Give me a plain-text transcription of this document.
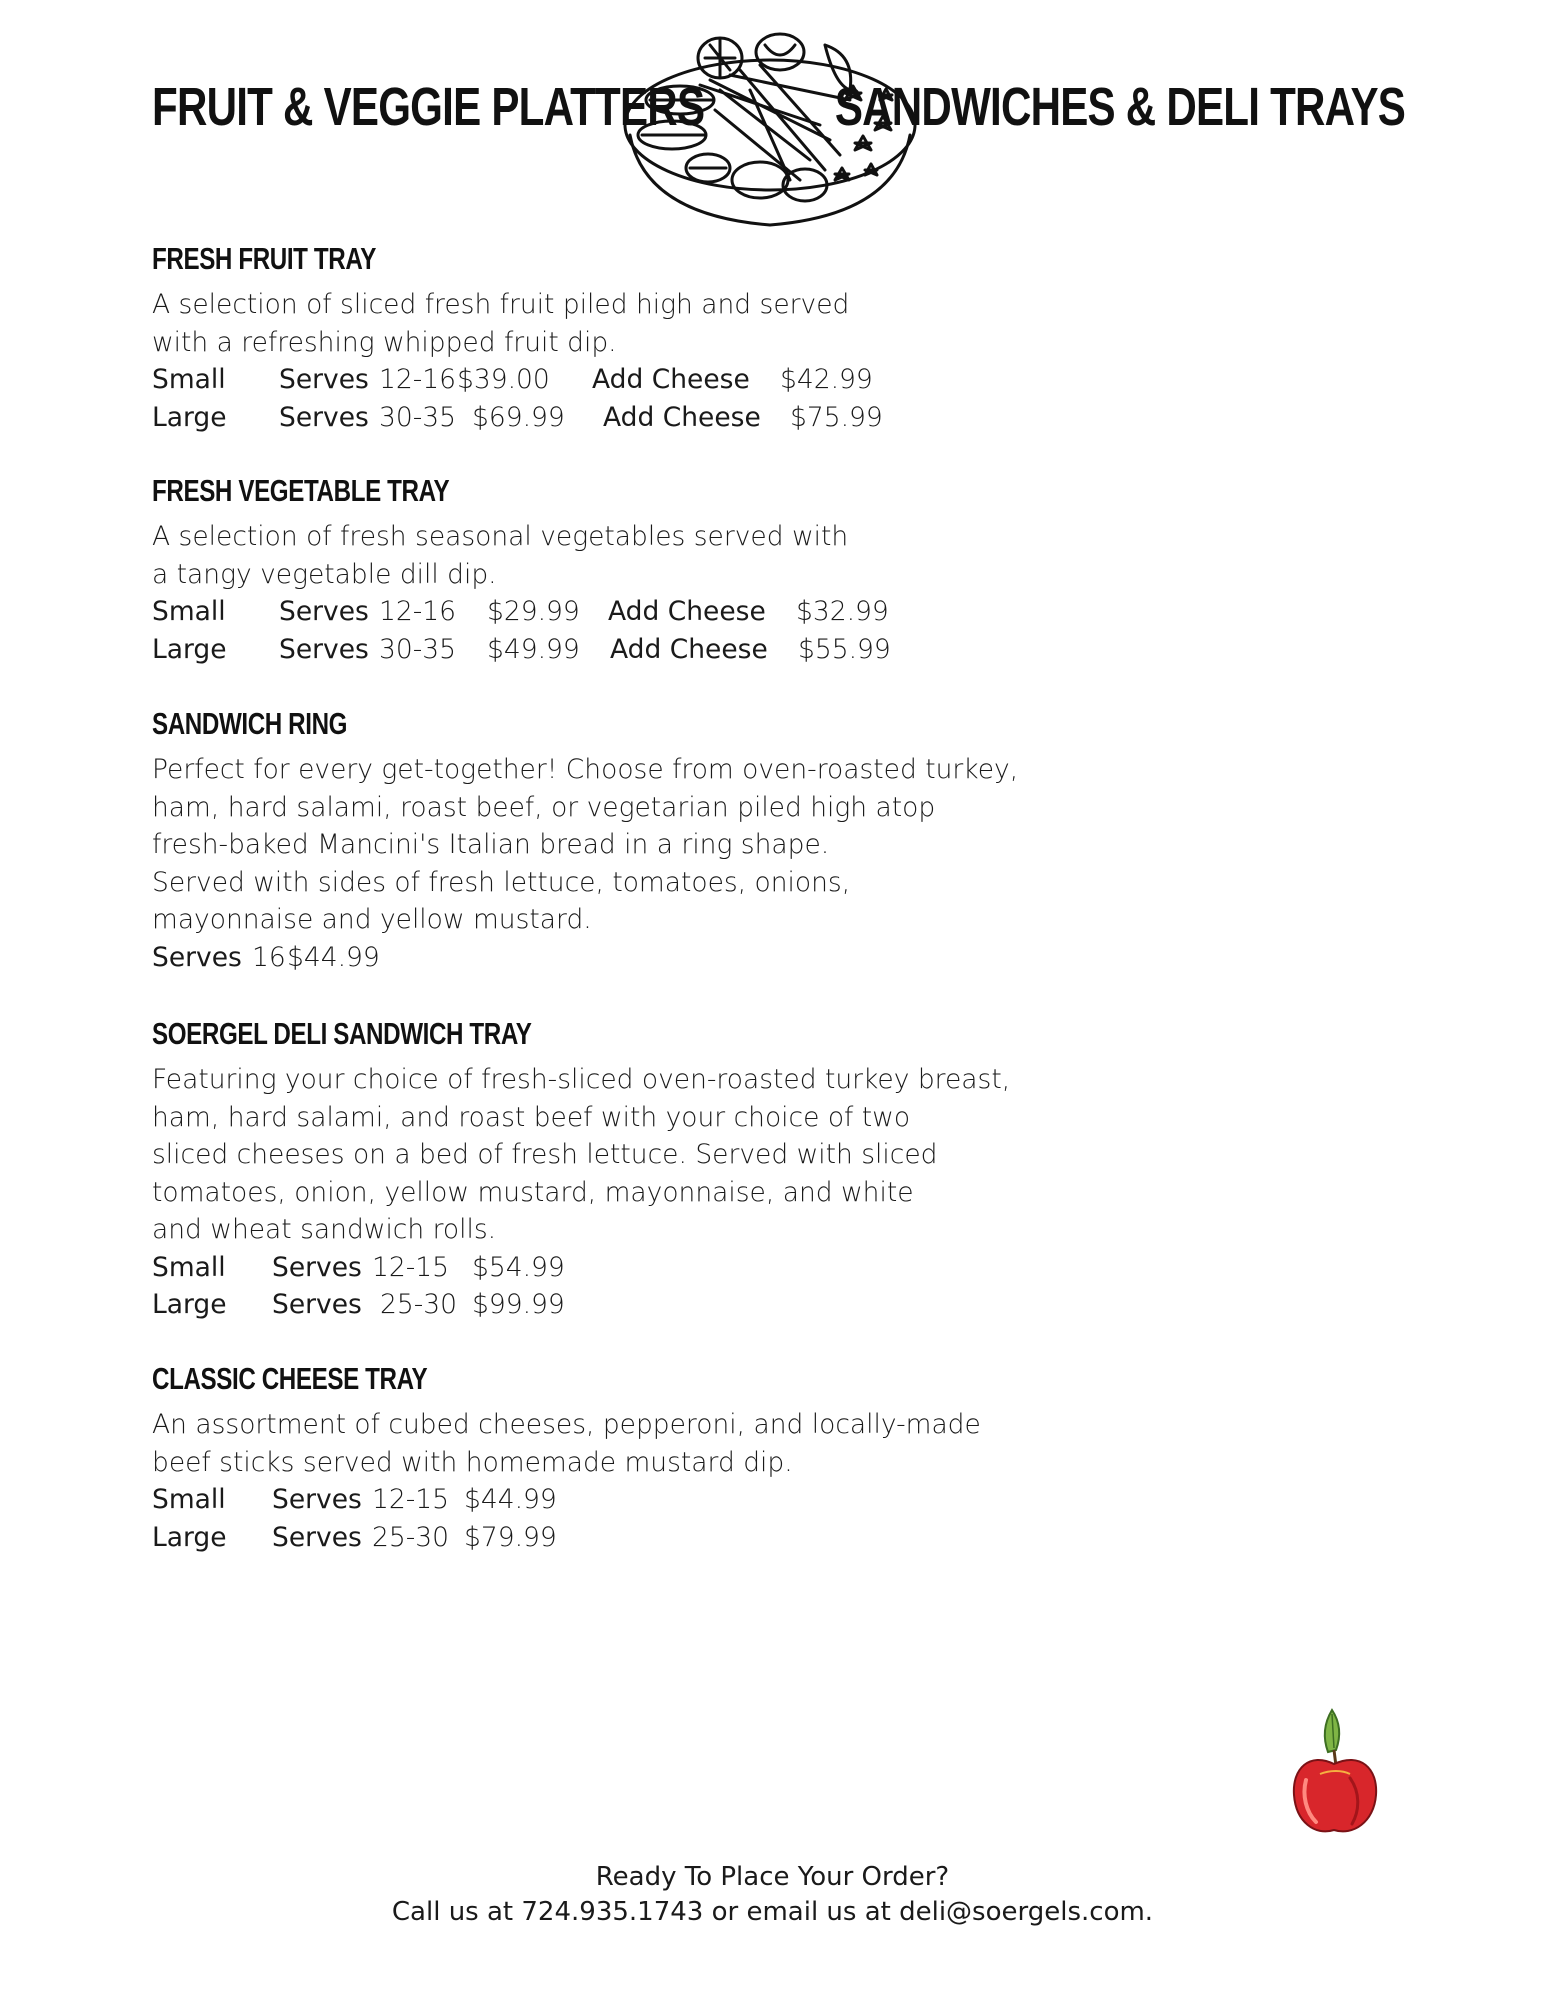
FRUIT & VEGGIE PLATTERS SANDWICHES & DELI TRAYS
FRESH FRUIT TRAY

A selection of sliced fresh fruit piled high and served

with a refreshing whipped fruit dip.

Small Serves 12-16 $39.00 Add Cheese $42.99
Large Serves 30-35 $69.99 Add Cheese $75.99
FRESH VEGETABLE TRAY

A selection of fresh seasonal vegetables served with

a tangy vegetable dill dip.

Small Serves 12-16 $29.99 Add Cheese $32.99
Large Serves 30-35 $49.99 Add Cheese $55.99
SANDWICH RING

Perfect for every get-together! Choose from oven-roasted turkey,

ham, hard salami, roast beef, or vegetarian piled high atop

fresh-baked Mancini's Italian bread in a ring shape.

Served with sides of fresh lettuce, tomatoes, onions,

mayonnaise and yellow mustard.

Serves 16 $44.99
SOERGEL DELI SANDWICH TRAY

Featuring your choice of fresh-sliced oven-roasted turkey breast,

ham, hard salami, and roast beef with your choice of two

sliced cheeses on a bed of fresh lettuce. Served with sliced

tomatoes, onion, yellow mustard, mayonnaise, and white

and wheat sandwich rolls.

Small Serves 12-15 $54.99
Large Serves 25-30 $99.99
CLASSIC CHEESE TRAY

An assortment of cubed cheeses, pepperoni, and locally-made

beef sticks served with homemade mustard dip.

Small Serves 12-15 $44.99
Large Serves 25-30 $79.99
Ready To Place Your Order?
Call us at 724.935.1743 or email us at deli@soergels.com.
